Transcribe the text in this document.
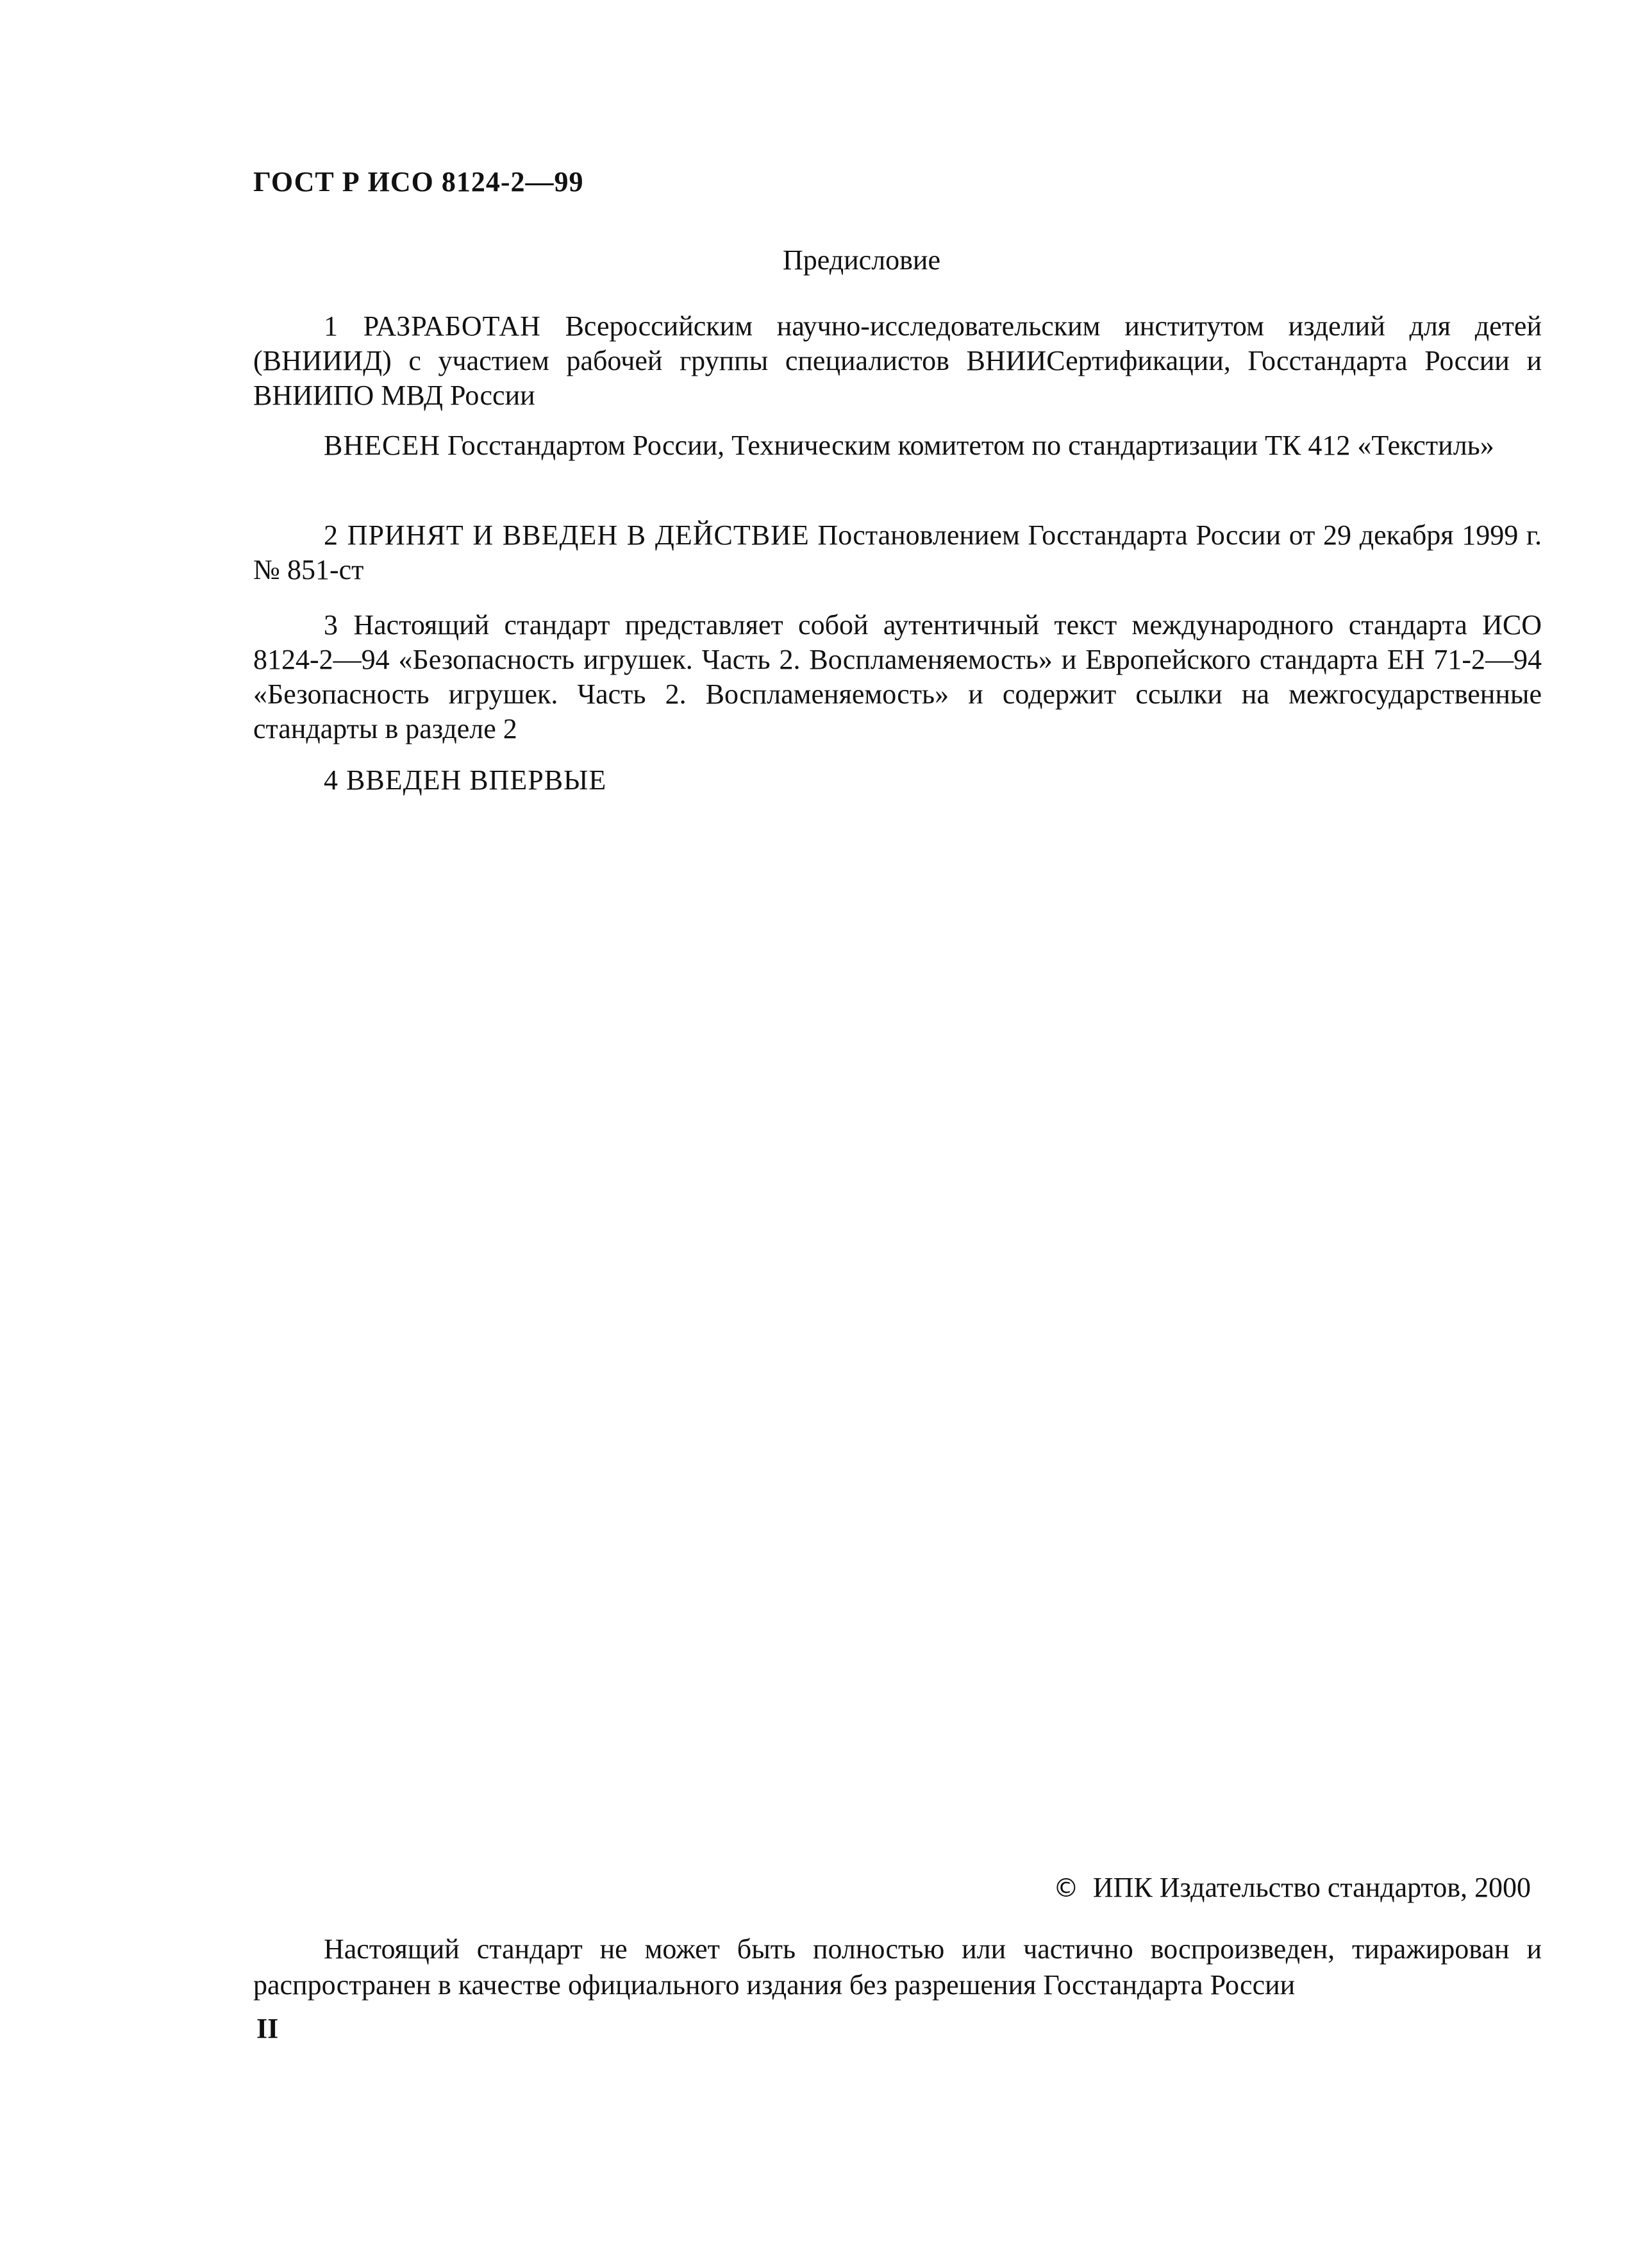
ГОСТ Р ИСО 8124-2—99
Предисловие

1 РАЗРАБОТАН Всероссийским научно-исследовательским институтом изделий для детей (ВНИИИД) с участием рабочей группы специалистов ВНИИСертификации, Госстандарта России и ВНИИПО МВД России

ВНЕСЕН Госстандартом России, Техническим комитетом по стандартизации ТК 412 «Текстиль»

2 ПРИНЯТ И ВВЕДЕН В ДЕЙСТВИЕ Постановлением Госстандарта России от 29 декабря 1999 г. № 851-ст

3 Настоящий стандарт представляет собой аутентичный текст международного стандарта ИСО 8124-2—94 «Безопасность игрушек. Часть 2. Воспламеняемость» и Европейского стандарта ЕН 71-2—94 «Безопасность игрушек. Часть 2. Воспламеняемость» и содержит ссылки на межгосударственные стандарты в разделе 2

4 ВВЕДЕН ВПЕРВЫЕ

© ИПК Издательство стандартов, 2000

Настоящий стандарт не может быть полностью или частично воспроизведен, тиражирован и распространен в качестве официального издания без разрешения Госстандарта России

II
